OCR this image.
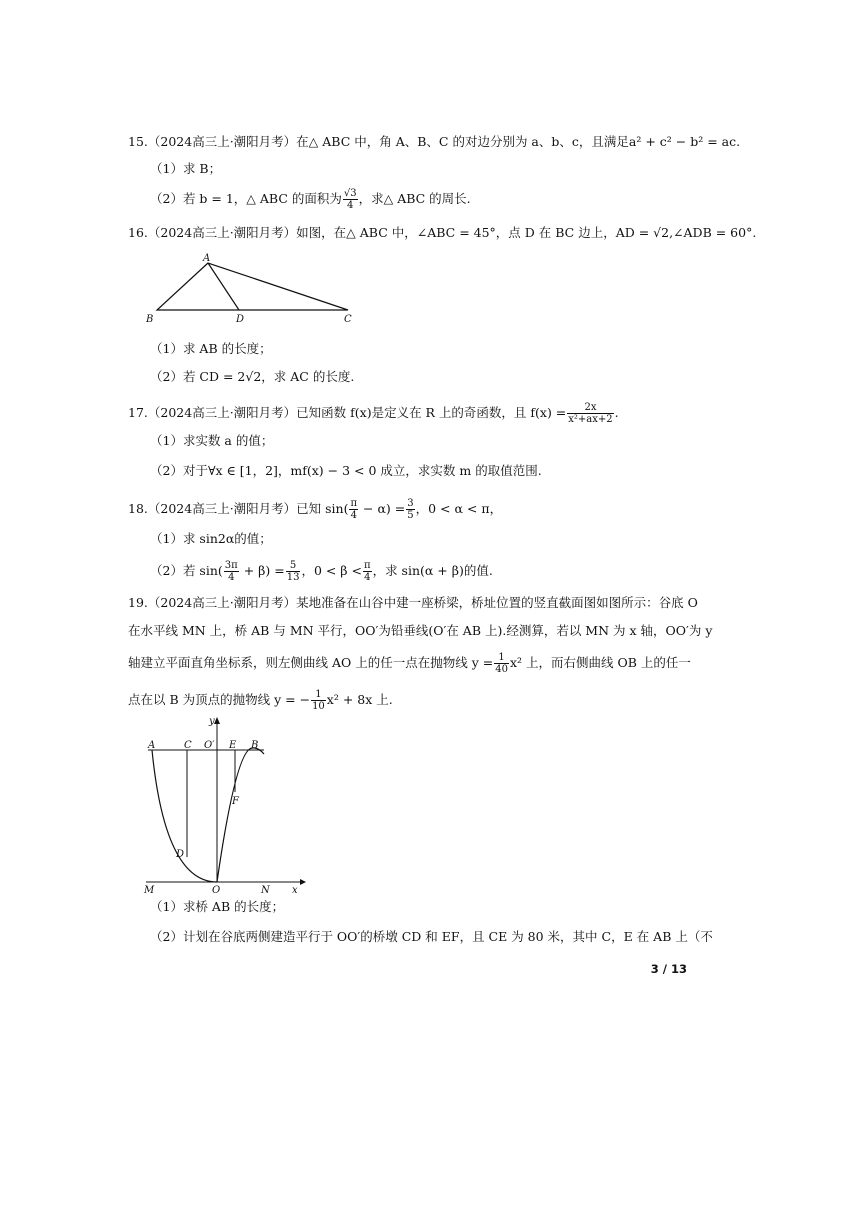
15.（2024高三上·潮阳月考）在△ ABC 中，角 A、B、C 的对边分别为 a、b、c，且满足a² + c² − b² = ac.
（1）求 B；
（2）若 b = 1，△ ABC 的面积为 $\frac{√3}{4}$ ，求△ ABC 的周长.
16.（2024高三上·潮阳月考）如图，在△ ABC 中，∠ABC = 45°，点 D 在 BC 边上，AD = √2,∠ADB = 60°.
A
B	D	C
（1）求 AB 的长度；
（2）若 CD = 2√2，求 AC 的长度.
17.（2024高三上·潮阳月考）已知函数 f(x)是定义在 R 上的奇函数，且 $f(x) = \frac{2x}{\text{x²+ax+2}}$ .
（1）求实数 a 的值；
（2）对于∀x ∈ [1，2]，mf(x) − 3 < 0 成立，求实数 m 的取值范围.
18.（2024高三上·潮阳月考）已知 $\sin( \frac{\pi}{4} - \alpha) = \frac{3}{5}$ ，0 < α < π，
（1）求 sin2α的值；
（2）若 $\sin( \frac{3\pi}{4} + \beta) = \frac{5}{13}$ ，$0 < \beta < \frac{\pi}{4}$ ，求 sin(α + β)的值.
19.（2024高三上·潮阳月考）某地准备在山谷中建一座桥梁，桥址位置的竖直截面图如图所示：谷底 O
在水平线 MN 上，桥 AB 与 MN 平行，OO′为铅垂线(O′在 AB 上).经测算，若以 MN 为 x 轴，OO′为 y
轴建立平面直角坐标系，则左侧曲线 AO 上的任一点在抛物线 $y = \frac{1}{40} x^2$ 上，而右侧曲线 OB 上的任一
点在以 B 为顶点的抛物线 y = − $\frac{1}{10} x^2 + 8x$ 上.
A	C O′ E B
F
D
M	O	N x
y
（1）求桥 AB 的长度；
（2）计划在谷底两侧建造平行于 OO′的桥墩 CD 和 EF，且 CE 为 80 米，其中 C，E 在 AB 上（不
3 / 13
